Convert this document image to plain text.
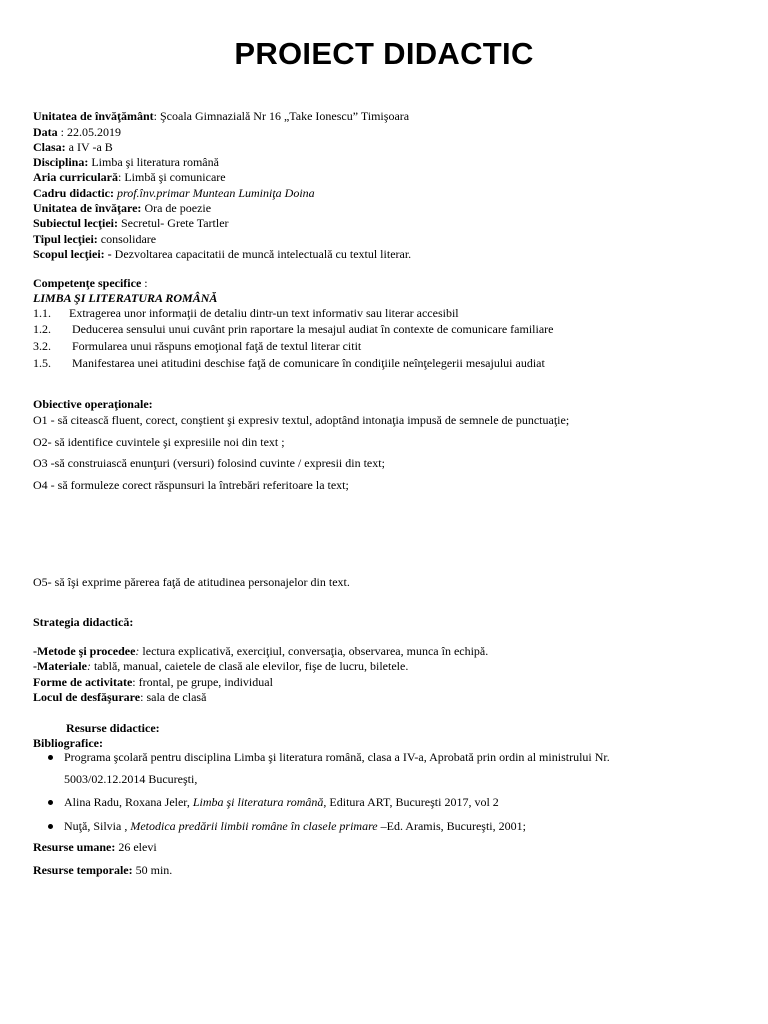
PROIECT DIDACTIC
Unitatea de învăţământ: Şcoala Gimnazială Nr 16 „Take Ionescu” Timişoara
Data : 22.05.2019
Clasa: a IV -a B
Disciplina: Limba şi literatura română
Aria curriculară: Limbă şi comunicare
Cadru didactic: prof.înv.primar Muntean Luminiţa Doina
Unitatea de învăţare: Ora de poezie
Subiectul lecţiei: Secretul- Grete Tartler
Tipul lecţiei: consolidare
Scopul lecţiei: - Dezvoltarea capacitatii de muncă intelectuală cu textul literar.
Competenţe specifice :
LIMBA ŞI LITERATURA ROMÂNĂ
1.1. Extragerea unor informaţii de detaliu dintr-un text informativ sau literar accesibil
1.2. Deducerea sensului unui cuvânt prin raportare la mesajul audiat în contexte de comunicare familiare
3.2. Formularea unui răspuns emoţional faţă de textul literar citit
1.5. Manifestarea unei atitudini deschise faţă de comunicare în condiţiile neînţelegerii mesajului audiat
Obiective operaţionale:
O1 - să citească fluent, corect, conştient şi expresiv textul, adoptând intonaţia impusă de semnele de punctuaţie;
O2- să identifice cuvintele şi expresiile noi din text ;
O3 -să construiască enunţuri (versuri) folosind cuvinte / expresii din text;
O4 - să formuleze corect răspunsuri la întrebări referitoare la text;
O5- să îşi exprime părerea faţă de atitudinea personajelor din text.
Strategia didactică:
-Metode şi procedee: lectura explicativă, exerciţiul, conversaţia, observarea, munca în echipă.
-Materiale: tablă, manual, caietele de clasă ale elevilor, fişe de lucru, biletele.
Forme de activitate: frontal, pe grupe, individual
Locul de desfăşurare: sala de clasă
Resurse didactice:
Bibliografice:
Programa şcolară pentru disciplina Limba şi literatura română, clasa a IV-a, Aprobată prin ordin al ministrului Nr.
5003/02.12.2014 Bucureşti,
Alina Radu, Roxana Jeler, Limba şi literatura română, Editura ART, Bucureşti 2017, vol 2
Nuţă, Silvia , Metodica predării limbii române în clasele primare –Ed. Aramis, Bucureşti, 2001;
Resurse umane: 26 elevi
Resurse temporale: 50 min.
